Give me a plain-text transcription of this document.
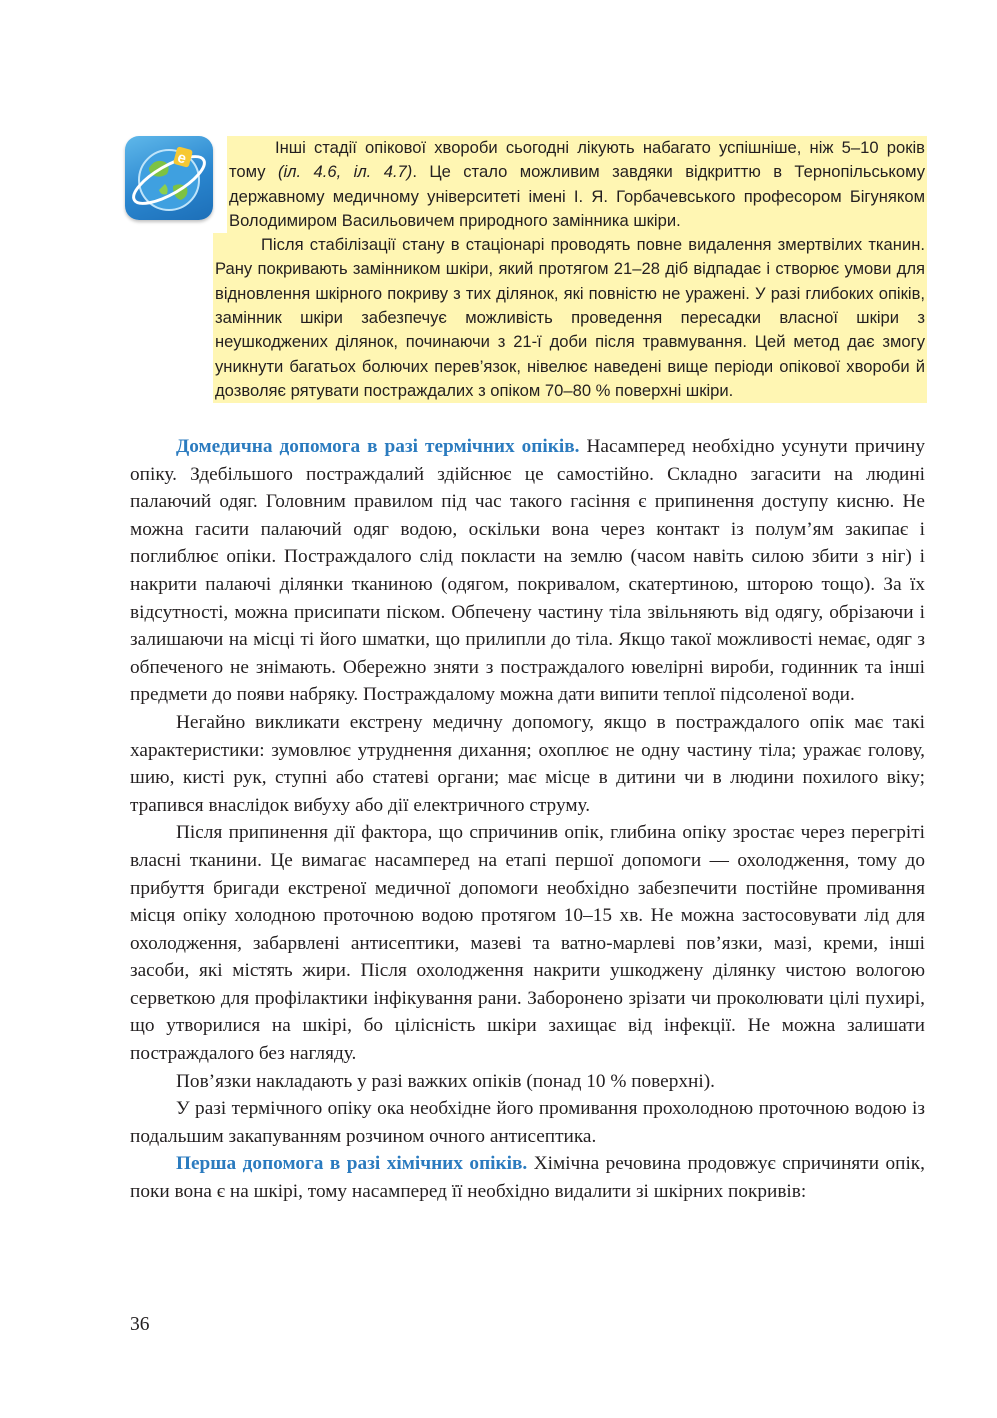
e

Інші стадії опікової хвороби сьогодні лікують набагато успішніше, ніж 5–10 років тому (іл. 4.6, іл. 4.7). Це стало можливим завдяки відкриттю в Тернопільському державному медичному університеті імені І. Я. Горбачевського професором Бігуняком Володимиром Васильовичем природного замінника шкіри.

Після стабілізації стану в стаціонарі проводять повне видалення змертвілих тканин. Рану покривають замінником шкіри, який протягом 21–28 діб відпадає і створює умови для відновлення шкірного покриву з тих ділянок, які повністю не уражені. У разі глибоких опіків, замінник шкіри забезпечує можливість проведення пересадки власної шкіри з неушкоджених ділянок, починаючи з 21-ї доби після травмування. Цей метод дає змогу уникнути багатьох болючих перев’язок, нівелює наведені вище періоди опікової хвороби й дозволяє рятувати постраждалих з опіком 70–80 % поверхні шкіри.

Домедична допомога в разі термічних опіків. Насамперед необхідно усунути причину опіку. Здебільшого постраждалий здійснює це самостійно. Складно загасити на людині палаючий одяг. Головним правилом під час такого гасіння є припинення доступу кисню. Не можна гасити палаючий одяг водою, оскільки вона через контакт із полум’ям закипає і поглиблює опіки. Постраждалого слід покласти на землю (часом навіть силою збити з ніг) і накрити палаючі ділянки тканиною (одягом, покривалом, скатертиною, шторою тощо). За їх відсутності, можна присипати піском. Обпечену частину тіла звільняють від одягу, обрізаючи і залишаючи на місці ті його шматки, що прилипли до тіла. Якщо такої можливості немає, одяг з обпеченого не знімають. Обережно зняти з постраждалого ювелірні вироби, годинник та інші предмети до появи набряку. Постраждалому можна дати випити теплої підсоленої води.

Негайно викликати екстрену медичну допомогу, якщо в постраждалого опік має такі характеристики: зумовлює утруднення дихання; охоплює не одну частину тіла; уражає голову, шию, кисті рук, ступні або статеві органи; має місце в дитини чи в людини похилого віку; трапився внаслідок вибуху або дії електричного струму.

Після припинення дії фактора, що спричинив опік, глибина опіку зростає через перегріті власні тканини. Це вимагає насамперед на етапі першої допомоги — охолодження, тому до прибуття бригади екстреної медичної допомоги необхідно забезпечити постійне промивання місця опіку холодною проточною водою протягом 10–15 хв. Не можна застосовувати лід для охолодження, забарвлені антисептики, мазеві та ватно-марлеві пов’язки, мазі, креми, інші засоби, які містять жири. Після охолодження накрити ушкоджену ділянку чистою вологою серветкою для профілактики інфікування рани. Заборонено зрізати чи проколювати цілі пухирі, що утворилися на шкірі, бо цілісність шкіри захищає від інфекції. Не можна залишати постраждалого без нагляду.

Пов’язки накладають у разі важких опіків (понад 10 % поверхні).

У разі термічного опіку ока необхідне його промивання прохолодною проточною водою із подальшим закапуванням розчином очного антисептика.

Перша допомога в разі хімічних опіків. Хімічна речовина продовжує спричиняти опік, поки вона є на шкірі, тому насамперед її необхідно видалити зі шкірних покривів:

36
